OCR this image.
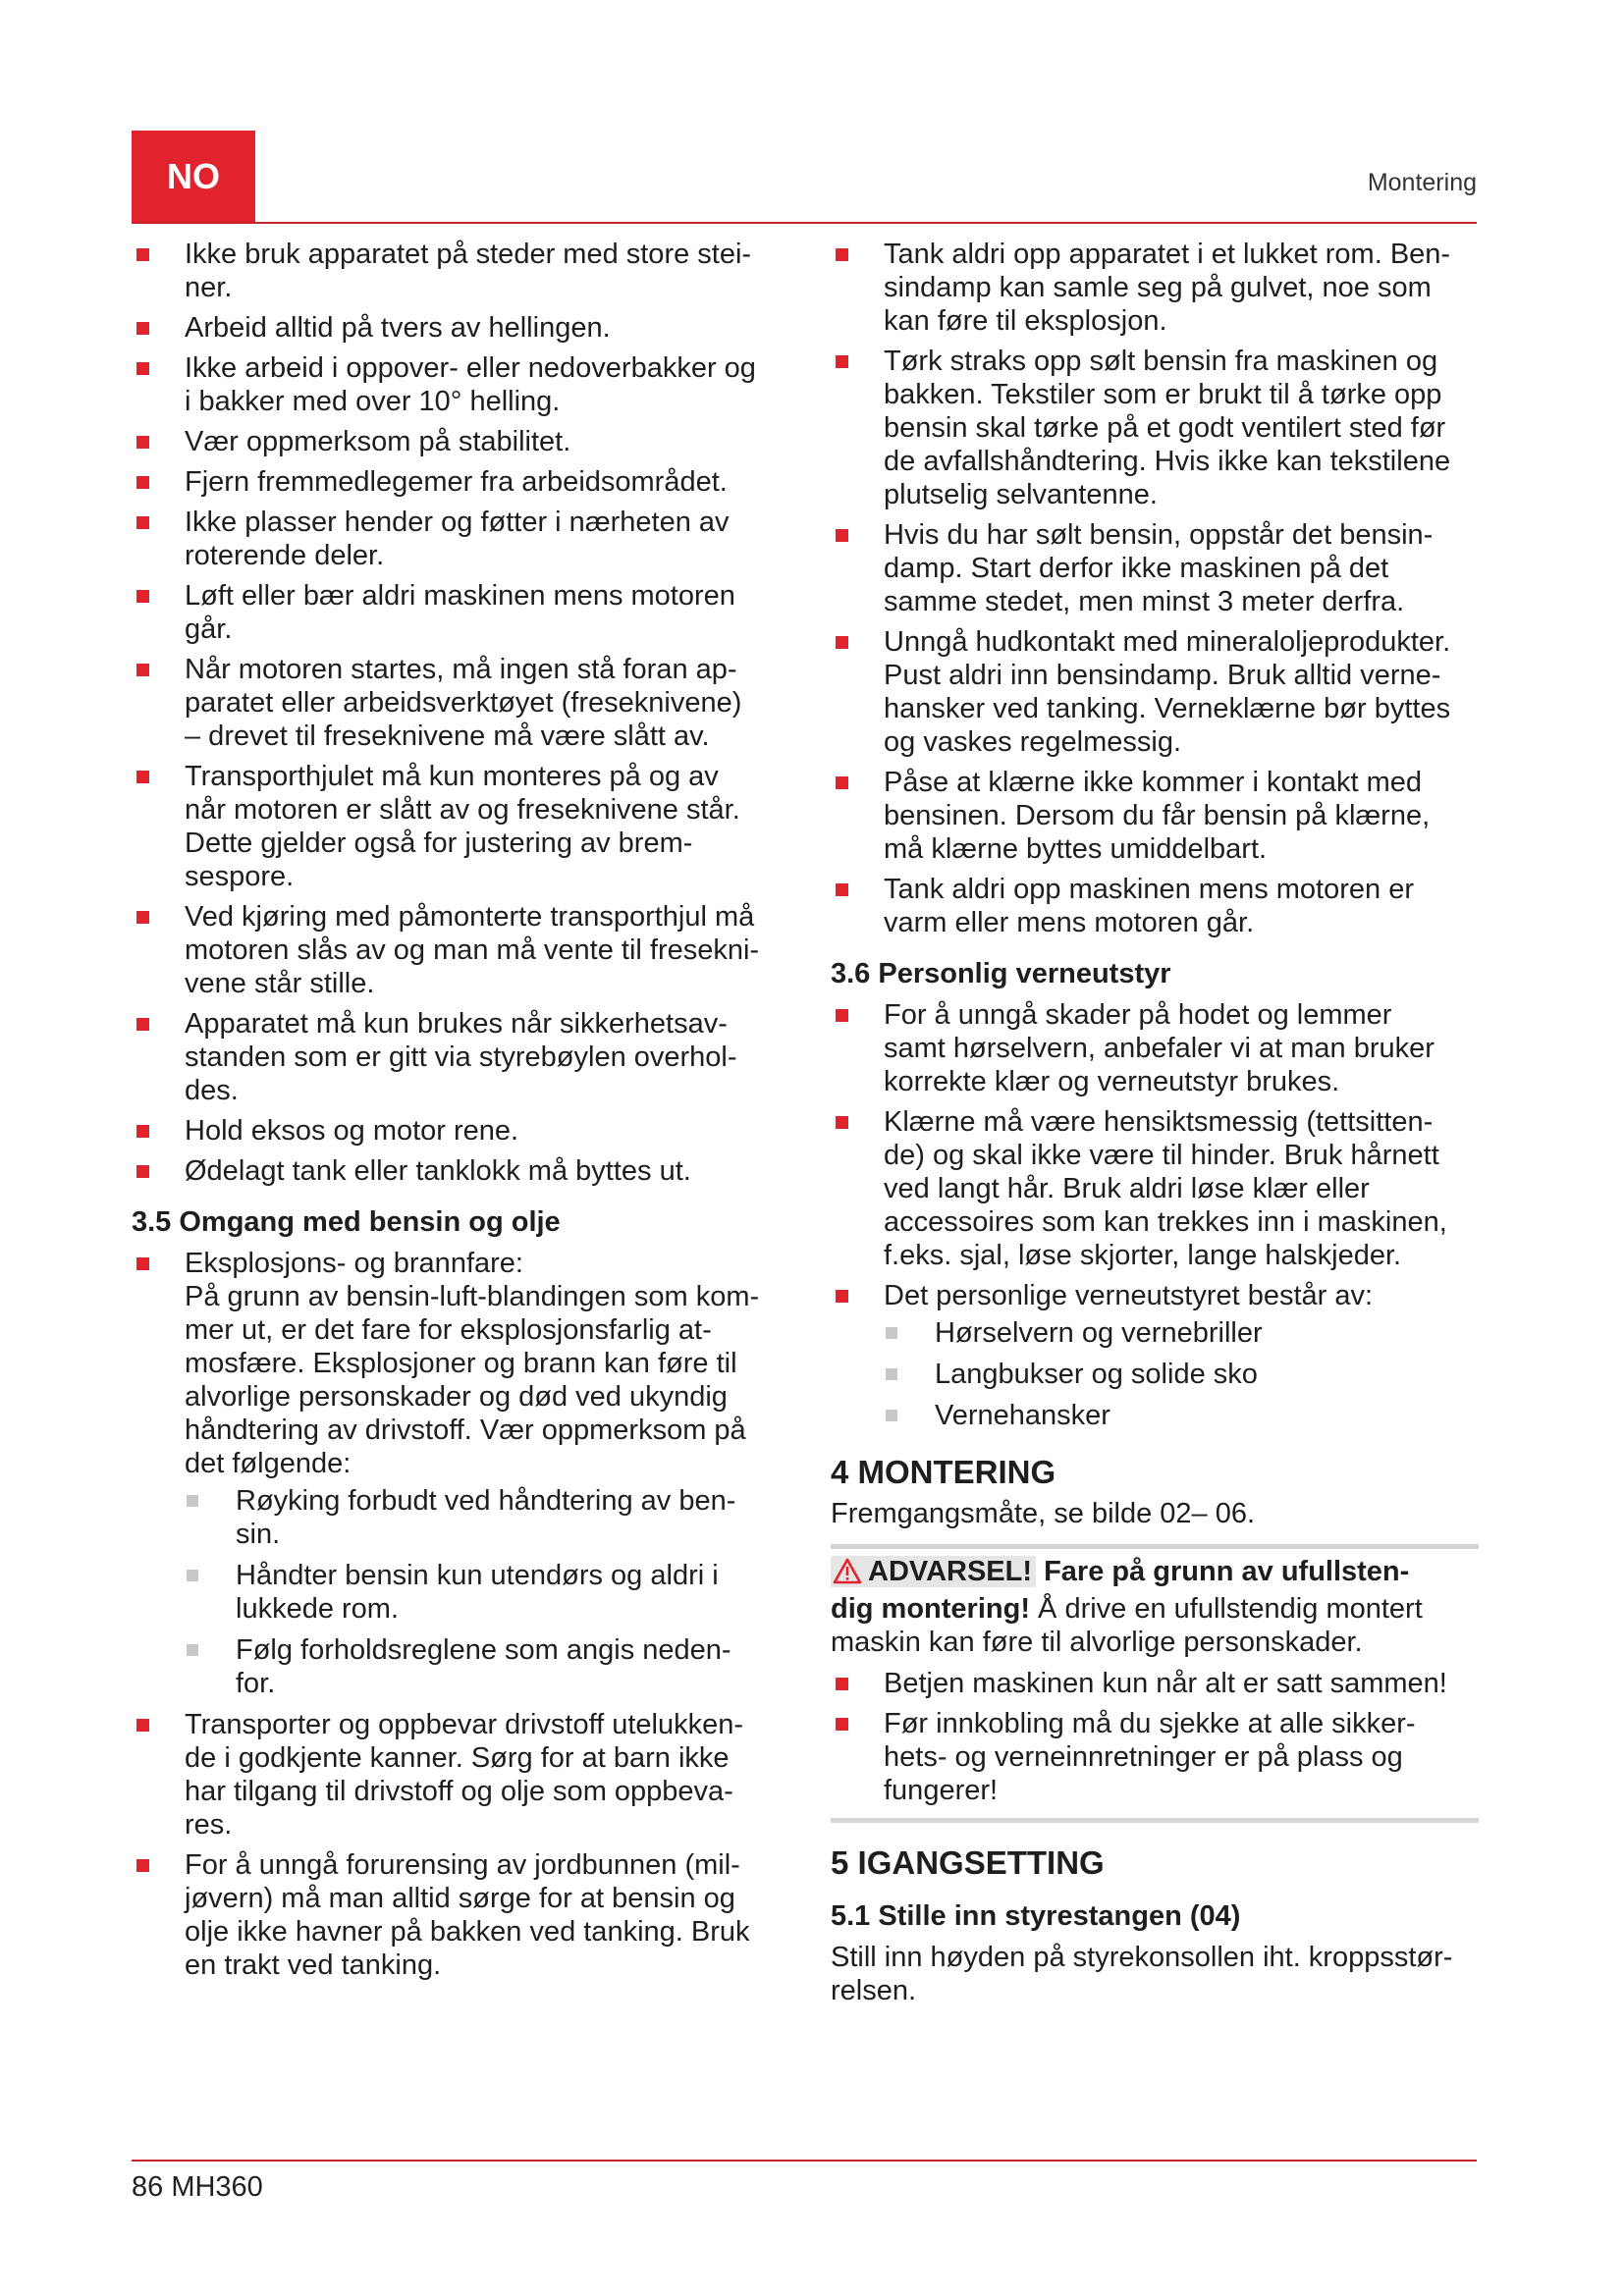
NO	Montering
Ikke bruk apparatet på steder med store stei-
ner.
Arbeid alltid på tvers av hellingen.
Ikke arbeid i oppover- eller nedoverbakker og
i bakker med over 10° helling.
Vær oppmerksom på stabilitet.
Fjern fremmedlegemer fra arbeidsområdet.
Ikke plasser hender og føtter i nærheten av
roterende deler.
Løft eller bær aldri maskinen mens motoren
går.
Når motoren startes, må ingen stå foran ap-
paratet eller arbeidsverktøyet (freseknivene)
– drevet til freseknivene må være slått av.
Transporthjulet må kun monteres på og av
når motoren er slått av og freseknivene står.
Dette gjelder også for justering av brem-
sespore.
Ved kjøring med påmonterte transporthjul må
motoren slås av og man må vente til fresekni-
vene står stille.
Apparatet må kun brukes når sikkerhetsav-
standen som er gitt via styrebøylen overhol-
des.
Hold eksos og motor rene.
Ødelagt tank eller tanklokk må byttes ut.
3.5 Omgang med bensin og olje
Eksplosjons- og brannfare:
På grunn av bensin-luft-blandingen som kom-
mer ut, er det fare for eksplosjonsfarlig at-
mosfære. Eksplosjoner og brann kan føre til
alvorlige personskader og død ved ukyndig
håndtering av drivstoff. Vær oppmerksom på
det følgende:
Røyking forbudt ved håndtering av ben-
sin.
Håndter bensin kun utendørs og aldri i
lukkede rom.
Følg forholdsreglene som angis neden-
for.
Transporter og oppbevar drivstoff utelukken-
de i godkjente kanner. Sørg for at barn ikke
har tilgang til drivstoff og olje som oppbeva-
res.
For å unngå forurensing av jordbunnen (mil-
jøvern) må man alltid sørge for at bensin og
olje ikke havner på bakken ved tanking. Bruk
en trakt ved tanking.
Tank aldri opp apparatet i et lukket rom. Ben-
sindamp kan samle seg på gulvet, noe som
kan føre til eksplosjon.
Tørk straks opp sølt bensin fra maskinen og
bakken. Tekstiler som er brukt til å tørke opp
bensin skal tørke på et godt ventilert sted før
de avfallshåndtering. Hvis ikke kan tekstilene
plutselig selvantenne.
Hvis du har sølt bensin, oppstår det bensin-
damp. Start derfor ikke maskinen på det
samme stedet, men minst 3 meter derfra.
Unngå hudkontakt med mineraloljeprodukter.
Pust aldri inn bensindamp. Bruk alltid verne-
hansker ved tanking. Verneklærne bør byttes
og vaskes regelmessig.
Påse at klærne ikke kommer i kontakt med
bensinen. Dersom du får bensin på klærne,
må klærne byttes umiddelbart.
Tank aldri opp maskinen mens motoren er
varm eller mens motoren går.
3.6 Personlig verneutstyr
For å unngå skader på hodet og lemmer
samt hørselvern, anbefaler vi at man bruker
korrekte klær og verneutstyr brukes.
Klærne må være hensiktsmessig (tettsitten-
de) og skal ikke være til hinder. Bruk hårnett
ved langt hår. Bruk aldri løse klær eller
accessoires som kan trekkes inn i maskinen,
f.eks. sjal, løse skjorter, lange halskjeder.
Det personlige verneutstyret består av:
Hørselvern og vernebriller
Langbukser og solide sko
Vernehansker
4 MONTERING

Fremgangsmåte, se bilde 02– 06.

ADVARSEL! Fare på grunn av ufullsten-
dig montering! Å drive en ufullstendig montert
maskin kan føre til alvorlige personskader.

Betjen maskinen kun når alt er satt sammen!
Før innkobling må du sjekke at alle sikker-
hets- og verneinnretninger er på plass og
fungerer!
5 IGANGSETTING
5.1 Stille inn styrestangen (04)

Still inn høyden på styrekonsollen iht. kroppsstør-
relsen.

86 MH360
